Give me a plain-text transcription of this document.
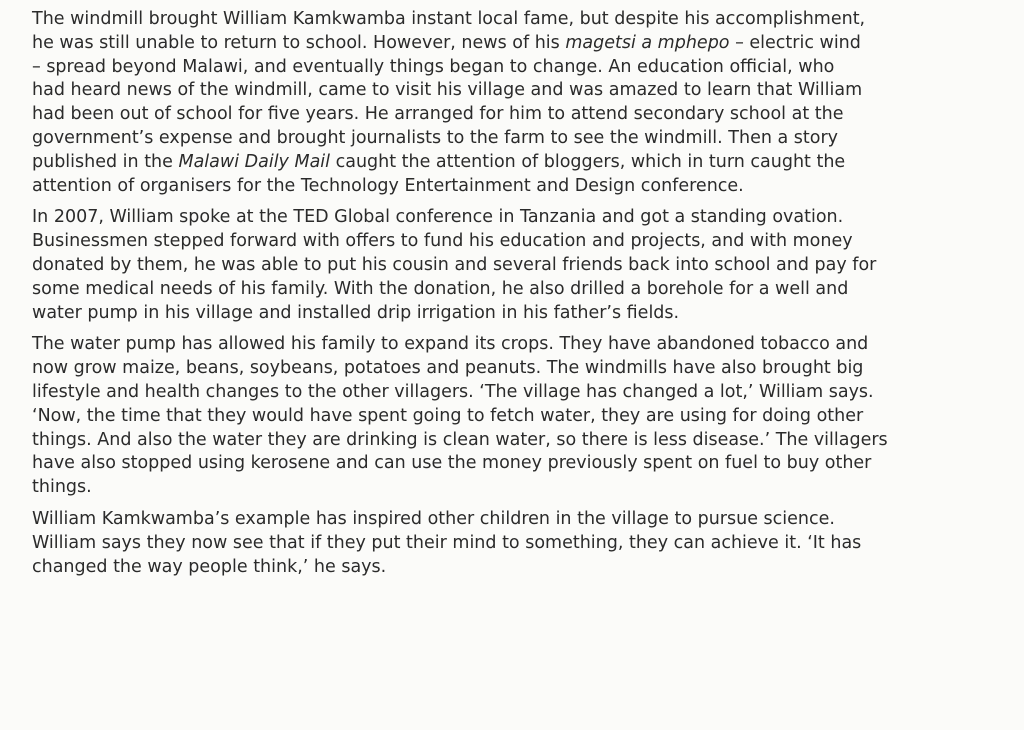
The windmill brought William Kamkwamba instant local fame, but despite his accomplishment,
he was still unable to return to school. However, news of his magetsi a mphepo – electric wind
– spread beyond Malawi, and eventually things began to change. An education official, who
had heard news of the windmill, came to visit his village and was amazed to learn that William
had been out of school for five years. He arranged for him to attend secondary school at the
government’s expense and brought journalists to the farm to see the windmill. Then a story
published in the Malawi Daily Mail caught the attention of bloggers, which in turn caught the
attention of organisers for the Technology Entertainment and Design conference.

In 2007, William spoke at the TED Global conference in Tanzania and got a standing ovation.
Businessmen stepped forward with offers to fund his education and projects, and with money
donated by them, he was able to put his cousin and several friends back into school and pay for
some medical needs of his family. With the donation, he also drilled a borehole for a well and
water pump in his village and installed drip irrigation in his father’s fields.

The water pump has allowed his family to expand its crops. They have abandoned tobacco and
now grow maize, beans, soybeans, potatoes and peanuts. The windmills have also brought big
lifestyle and health changes to the other villagers. ‘The village has changed a lot,’ William says.
‘Now, the time that they would have spent going to fetch water, they are using for doing other
things. And also the water they are drinking is clean water, so there is less disease.’ The villagers
have also stopped using kerosene and can use the money previously spent on fuel to buy other
things.

William Kamkwamba’s example has inspired other children in the village to pursue science.
William says they now see that if they put their mind to something, they can achieve it. ‘It has
changed the way people think,’ he says.
